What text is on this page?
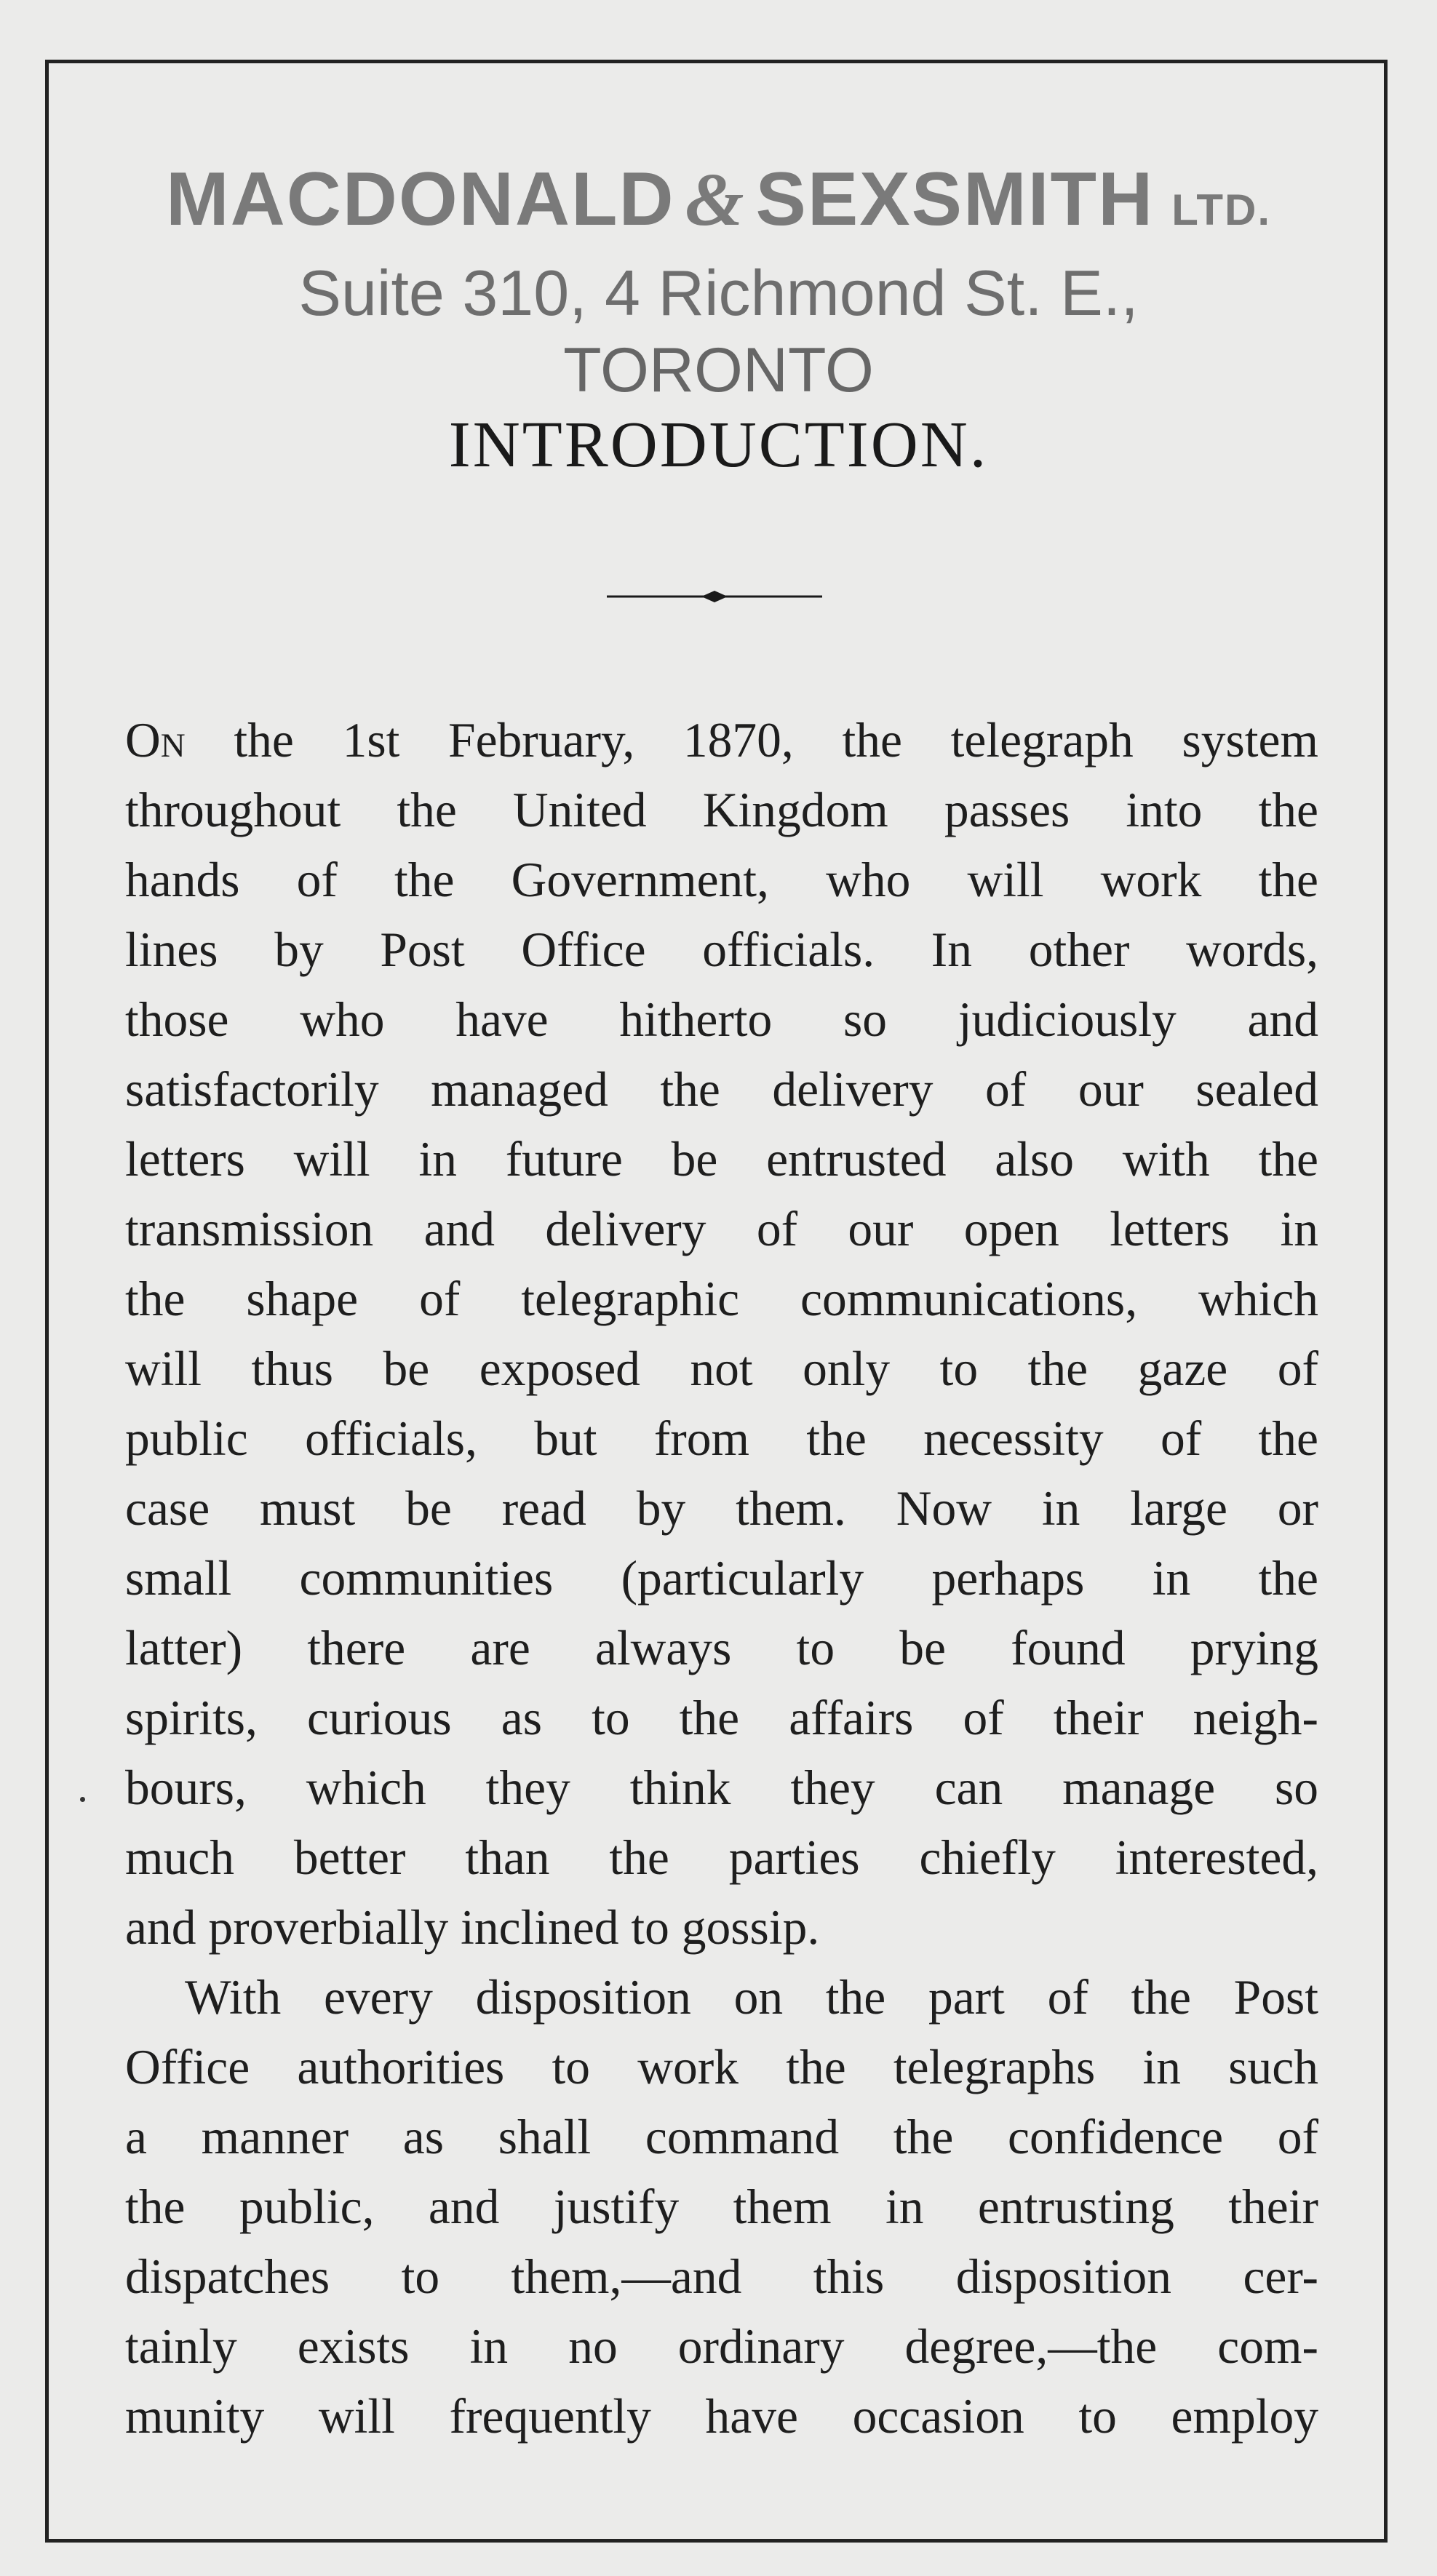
MACDONALD & SEXSMITH LTD.
Suite 310, 4 Richmond St. E.,
TORONTO
INTRODUCTION.
On the 1st February, 1870, the telegraph system
throughout the United Kingdom passes into the
hands of the Government, who will work the
lines by Post Office officials. In other words,
those who have hitherto so judiciously and
satisfactorily managed the delivery of our sealed
letters will in future be entrusted also with the
transmission and delivery of our open letters in
the shape of telegraphic communications, which
will thus be exposed not only to the gaze of
public officials, but from the necessity of the
case must be read by them. Now in large or
small communities (particularly perhaps in the
latter) there are always to be found prying
spirits, curious as to the affairs of their neigh-
bours, which they think they can manage so
much better than the parties chiefly interested,
and proverbially inclined to gossip.
With every disposition on the part of the Post
Office authorities to work the telegraphs in such
a manner as shall command the confidence of
the public, and justify them in entrusting their
dispatches to them,—and this disposition cer-
tainly exists in no ordinary degree,—the com-
munity will frequently have occasion to employ
